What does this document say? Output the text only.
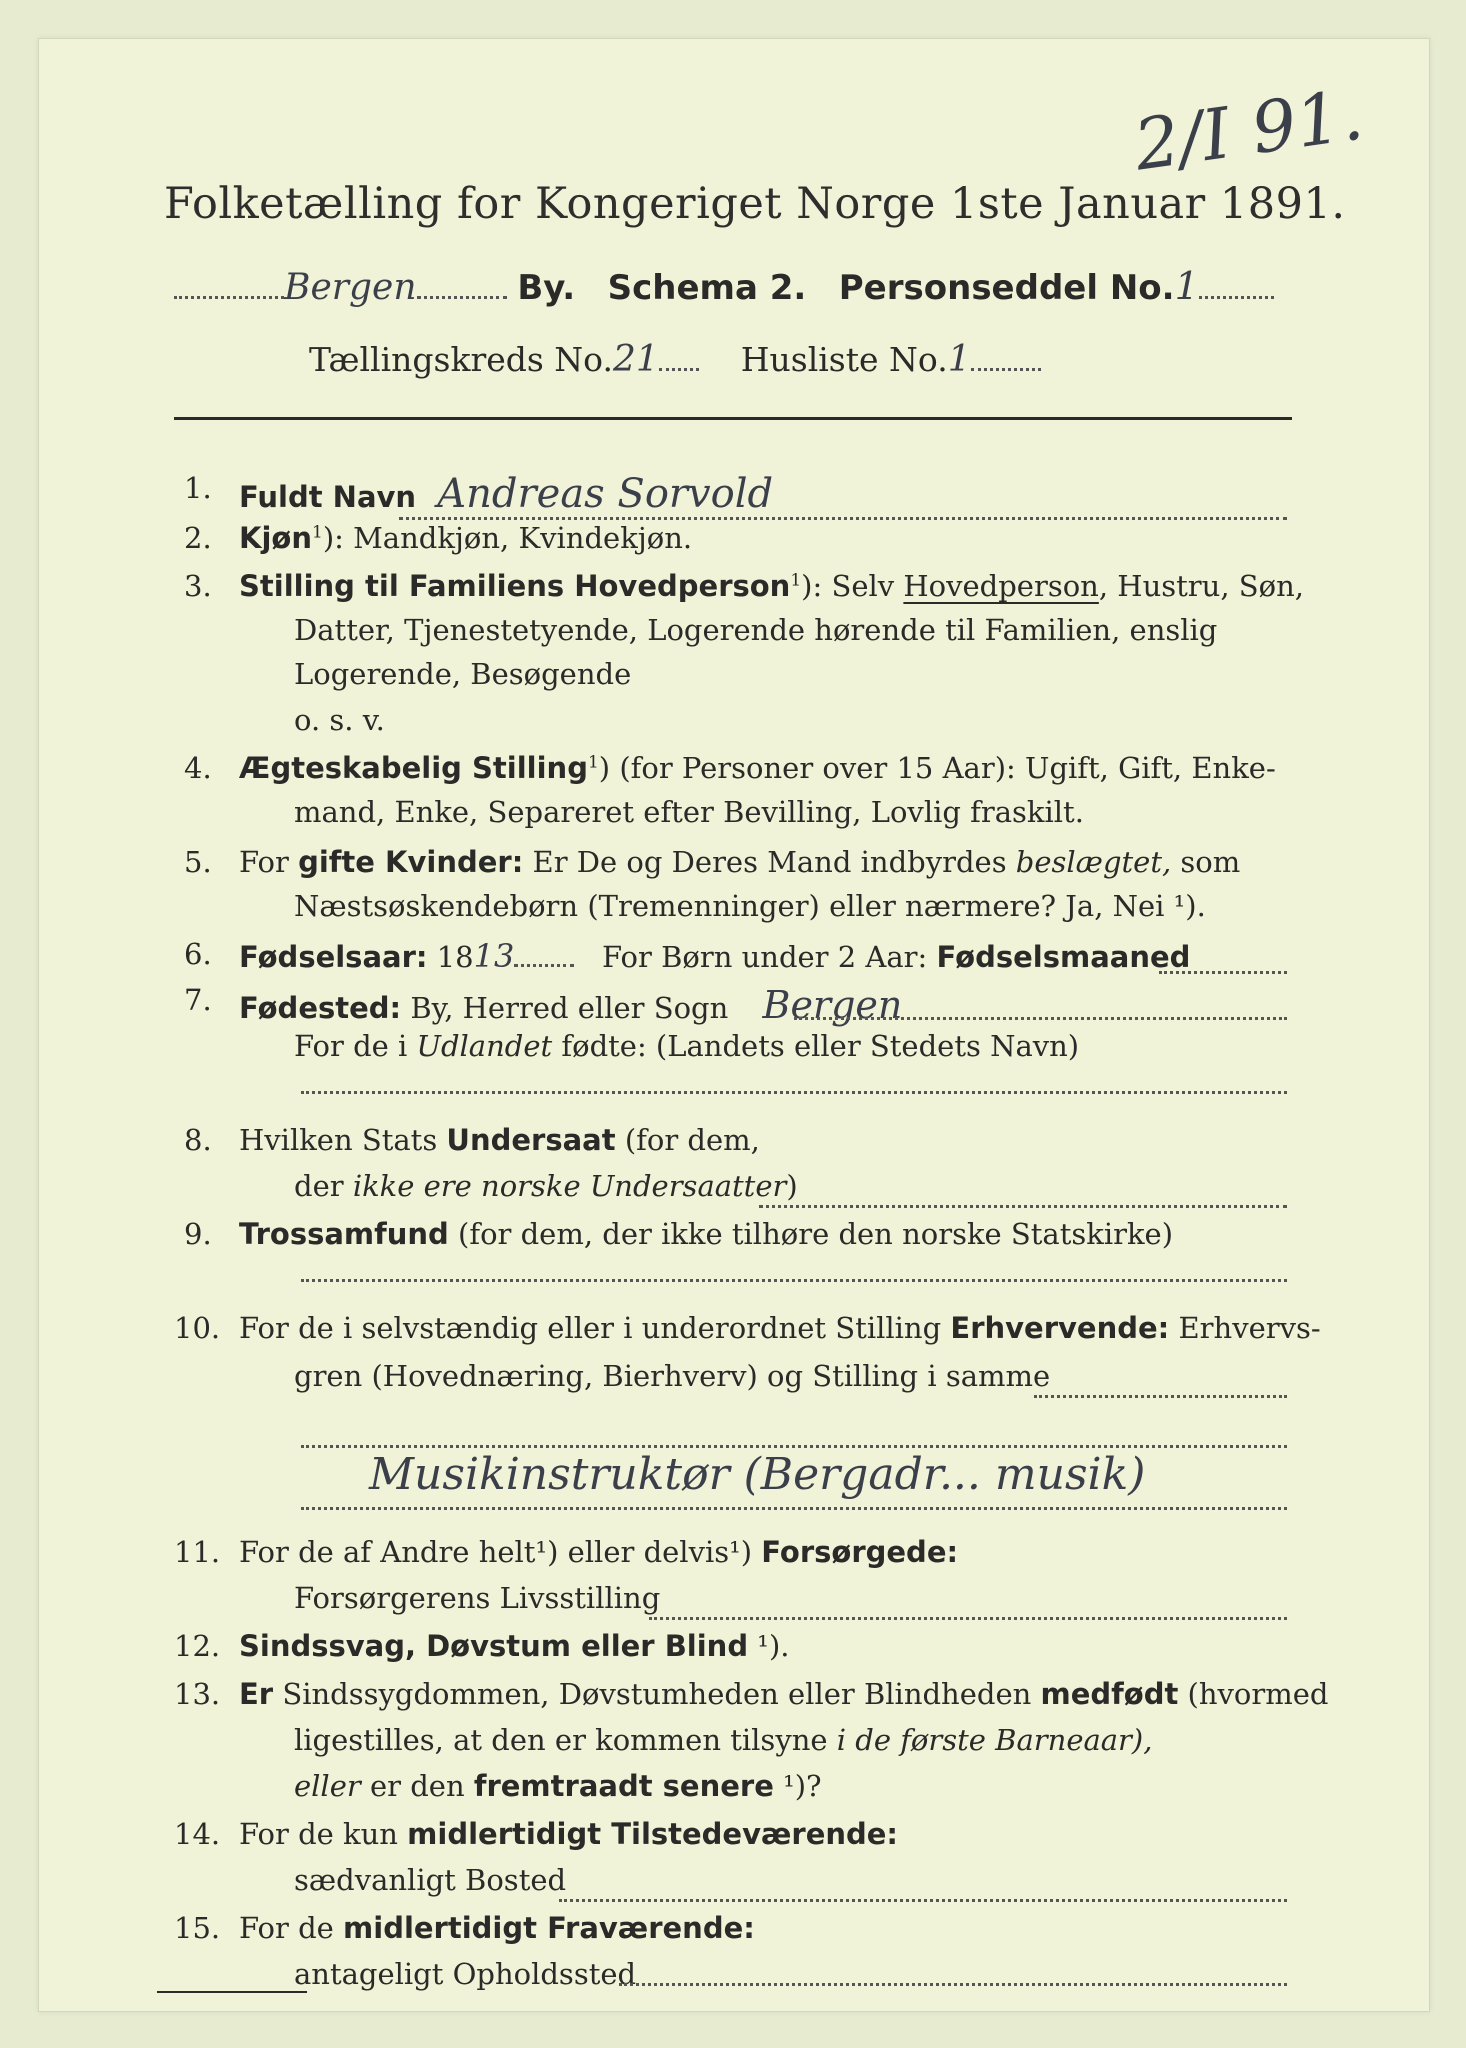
2/I 91.
Folketælling for Kongeriget Norge 1ste Januar 1891.
Bergen	By. Schema 2. Personseddel No.1
Tællingskreds No.21 Husliste No.1
1. Fuldt Navn Andreas Sorvold
2. Kjøn$^1$): Mandkjøn, Kvindekjøn.
3. Stilling til Familiens Hovedperson$^1$): Selv Hovedperson, Hustru, Søn,
Datter, Tjenestetyende, Logerende hørende til Familien, enslig
Logerende, Besøgende
o. s. v.
4. Ægteskabelig Stilling$^1$) (for Personer over 15 Aar): Ugift, Gift, Enke-
mand, Enke, Separeret efter Bevilling, Lovlig fraskilt.
5. For gifte Kvinder: Er De og Deres Mand indbyrdes beslægtet, som
Næstsøskendebørn (Tremenninger) eller nærmere? Ja, Nei ¹).
6. Fødselsaar: 1813	For Børn under 2 Aar: Fødselsmaaned
7. Fødested: By, Herred eller Sogn Bergen
For de i Udlandet fødte: (Landets eller Stedets Navn)
8. Hvilken Stats Undersaat (for dem,
der ikke ere norske Undersaatter)
9. Trossamfund (for dem, der ikke tilhøre den norske Statskirke)
10. For de i selvstændig eller i underordnet Stilling Erhvervende: Erhvervs-
gren (Hovednæring, Bierhverv) og Stilling i samme
Musikinstruktør (Bergadr... musik)
11. For de af Andre helt¹) eller delvis¹) Forsørgede:
Forsørgerens Livsstilling
12. Sindssvag, Døvstum eller Blind ¹).
13. Er Sindssygdommen, Døvstumheden eller Blindheden medfødt (hvormed
ligestilles, at den er kommen tilsyne i de første Barneaar),
eller er den fremtraadt senere ¹)?
14. For de kun midlertidigt Tilstedeværende:
sædvanligt Bosted
15. For de midlertidigt Fraværende:
antageligt Opholdssted
